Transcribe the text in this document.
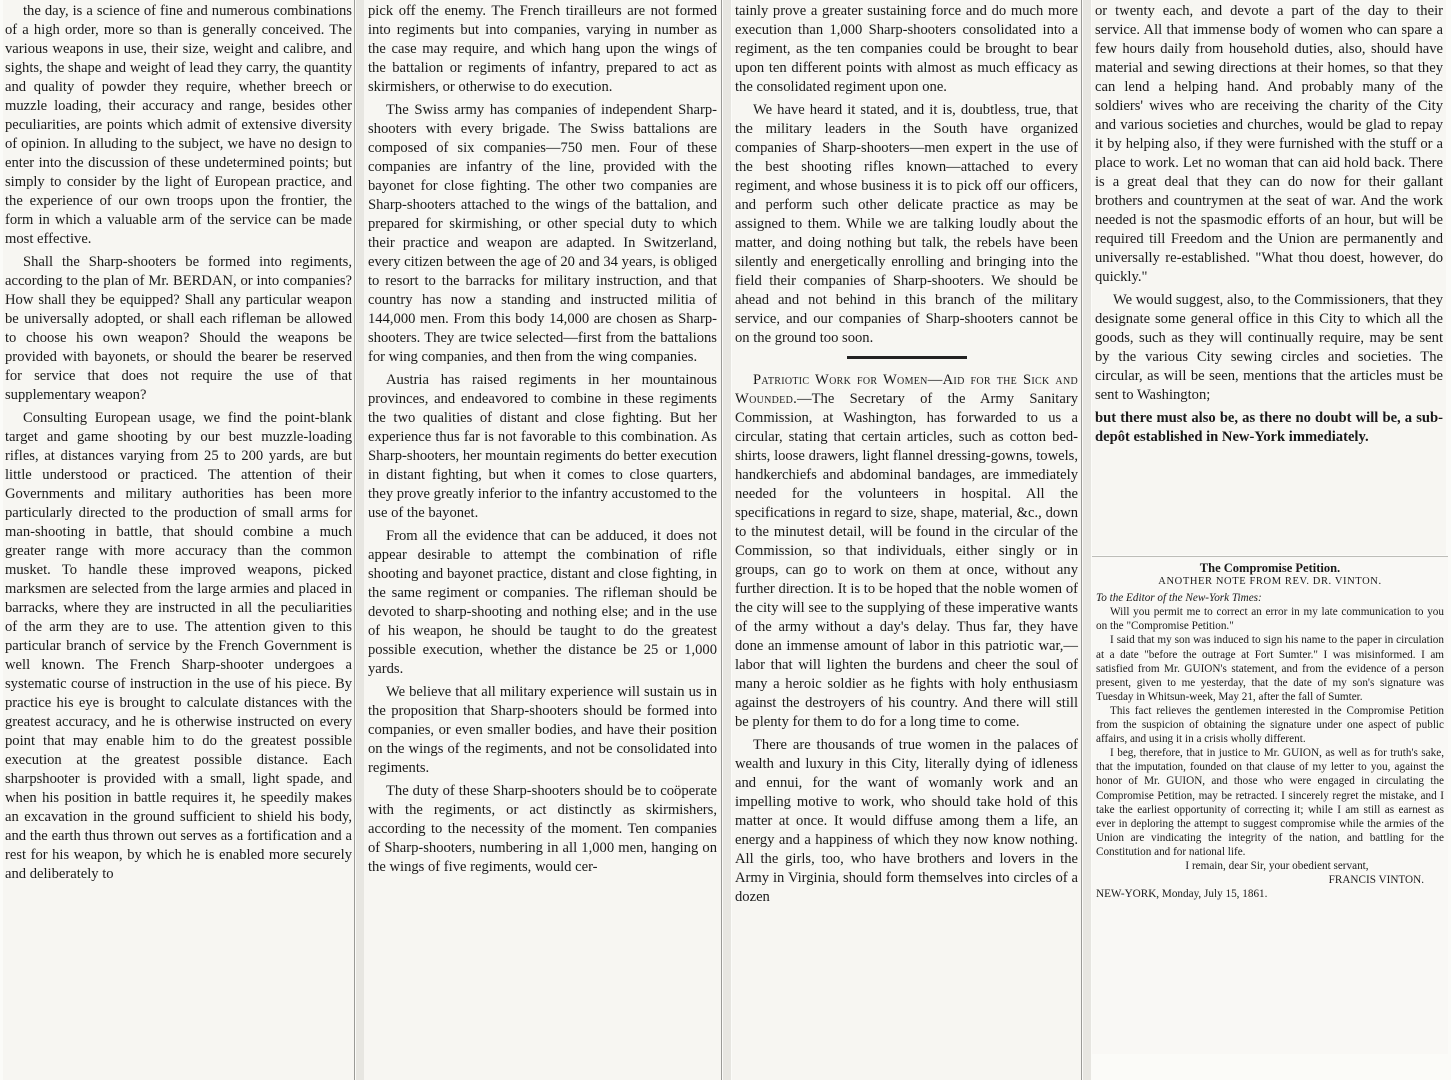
the day, is a science of fine and numerous combinations of a high order, more so than is generally conceived. The various weapons in use, their size, weight and calibre, and sights, the shape and weight of lead they carry, the quantity and quality of powder they require, whether breech or muzzle loading, their accuracy and range, besides other peculiarities, are points which admit of extensive diversity of opinion. In alluding to the subject, we have no design to enter into the discussion of these undetermined points; but simply to consider by the light of European practice, and the experience of our own troops upon the frontier, the form in which a valuable arm of the service can be made most effective.

Shall the Sharp-shooters be formed into regiments, according to the plan of Mr. BERDAN, or into companies? How shall they be equipped? Shall any particular weapon be universally adopted, or shall each rifleman be allowed to choose his own weapon? Should the weapons be provided with bayonets, or should the bearer be reserved for service that does not require the use of that supplementary weapon?

Consulting European usage, we find the point-blank target and game shooting by our best muzzle-loading rifles, at distances varying from 25 to 200 yards, are but little understood or practiced. The attention of their Governments and military authorities has been more particularly directed to the production of small arms for man-shooting in battle, that should combine a much greater range with more accuracy than the common musket. To handle these improved weapons, picked marksmen are selected from the large armies and placed in barracks, where they are instructed in all the peculiarities of the arm they are to use. The attention given to this particular branch of service by the French Government is well known. The French Sharp-shooter undergoes a systematic course of instruction in the use of his piece. By practice his eye is brought to calculate distances with the greatest accuracy, and he is otherwise instructed on every point that may enable him to do the greatest possible execution at the greatest possible distance. Each sharpshooter is provided with a small, light spade, and when his position in battle requires it, he speedily makes an excavation in the ground sufficient to shield his body, and the earth thus thrown out serves as a fortification and a rest for his weapon, by which he is enabled more securely and deliberately to

pick off the enemy. The French tirailleurs are not formed into regiments but into companies, varying in number as the case may require, and which hang upon the wings of the battalion or regiments of infantry, prepared to act as skirmishers, or otherwise to do execution.

The Swiss army has companies of independent Sharp-shooters with every brigade. The Swiss battalions are composed of six companies—750 men. Four of these companies are infantry of the line, provided with the bayonet for close fighting. The other two companies are Sharp-shooters attached to the wings of the battalion, and prepared for skirmishing, or other special duty to which their practice and weapon are adapted. In Switzerland, every citizen between the age of 20 and 34 years, is obliged to resort to the barracks for military instruction, and that country has now a standing and instructed militia of 144,000 men. From this body 14,000 are chosen as Sharp-shooters. They are twice selected—first from the battalions for wing companies, and then from the wing companies.

Austria has raised regiments in her mountainous provinces, and endeavored to combine in these regiments the two qualities of distant and close fighting. But her experience thus far is not favorable to this combination. As Sharp-shooters, her mountain regiments do better execution in distant fighting, but when it comes to close quarters, they prove greatly inferior to the infantry accustomed to the use of the bayonet.

From all the evidence that can be adduced, it does not appear desirable to attempt the combination of rifle shooting and bayonet practice, distant and close fighting, in the same regiment or companies. The rifleman should be devoted to sharp-shooting and nothing else; and in the use of his weapon, he should be taught to do the greatest possible execution, whether the distance be 25 or 1,000 yards.

We believe that all military experience will sustain us in the proposition that Sharp-shooters should be formed into companies, or even smaller bodies, and have their position on the wings of the regiments, and not be consolidated into regiments.

The duty of these Sharp-shooters should be to coöperate with the regiments, or act distinctly as skirmishers, according to the necessity of the moment. Ten companies of Sharp-shooters, numbering in all 1,000 men, hanging on the wings of five regiments, would cer-

tainly prove a greater sustaining force and do much more execution than 1,000 Sharp-shooters consolidated into a regiment, as the ten companies could be brought to bear upon ten different points with almost as much efficacy as the consolidated regiment upon one.

We have heard it stated, and it is, doubtless, true, that the military leaders in the South have organized companies of Sharp-shooters—men expert in the use of the best shooting rifles known—attached to every regiment, and whose business it is to pick off our officers, and perform such other delicate practice as may be assigned to them. While we are talking loudly about the matter, and doing nothing but talk, the rebels have been silently and energetically enrolling and bringing into the field their companies of Sharp-shooters. We should be ahead and not behind in this branch of the military service, and our companies of Sharp-shooters cannot be on the ground too soon.

Patriotic Work for Women—Aid for the Sick and Wounded.—The Secretary of the Army Sanitary Commission, at Washington, has forwarded to us a circular, stating that certain articles, such as cotton bed-shirts, loose drawers, light flannel dressing-gowns, towels, handkerchiefs and abdominal bandages, are immediately needed for the volunteers in hospital. All the specifications in regard to size, shape, material, &c., down to the minutest detail, will be found in the circular of the Commission, so that individuals, either singly or in groups, can go to work on them at once, without any further direction. It is to be hoped that the noble women of the city will see to the supplying of these imperative wants of the army without a day's delay. Thus far, they have done an immense amount of labor in this patriotic war,—labor that will lighten the burdens and cheer the soul of many a heroic soldier as he fights with holy enthusiasm against the destroyers of his country. And there will still be plenty for them to do for a long time to come.

There are thousands of true women in the palaces of wealth and luxury in this City, literally dying of idleness and ennui, for the want of womanly work and an impelling motive to work, who should take hold of this matter at once. It would diffuse among them a life, an energy and a happiness of which they now know nothing. All the girls, too, who have brothers and lovers in the Army in Virginia, should form themselves into circles of a dozen

or twenty each, and devote a part of the day to their service. All that immense body of women who can spare a few hours daily from household duties, also, should have material and sewing directions at their homes, so that they can lend a helping hand. And probably many of the soldiers' wives who are receiving the charity of the City and various societies and churches, would be glad to repay it by helping also, if they were furnished with the stuff or a place to work. Let no woman that can aid hold back. There is a great deal that they can do now for their gallant brothers and countrymen at the seat of war. And the work needed is not the spasmodic efforts of an hour, but will be required till Freedom and the Union are permanently and universally re-established. "What thou doest, however, do quickly."

We would suggest, also, to the Commissioners, that they designate some general office in this City to which all the goods, such as they will continually require, may be sent by the various City sewing circles and societies. The circular, as will be seen, mentions that the articles must be sent to Washington;

but there must also be, as there no doubt will be, a sub-depôt established in New-York immediately.

The Compromise Petition.

ANOTHER NOTE FROM REV. DR. VINTON.

To the Editor of the New-York Times:

Will you permit me to correct an error in my late communication to you on the "Compromise Petition."

I said that my son was induced to sign his name to the paper in circulation at a date "before the outrage at Fort Sumter." I was misinformed. I am satisfied from Mr. GUION's statement, and from the evidence of a person present, given to me yesterday, that the date of my son's signature was Tuesday in Whitsun-week, May 21, after the fall of Sumter.

This fact relieves the gentlemen interested in the Compromise Petition from the suspicion of obtaining the signature under one aspect of public affairs, and using it in a crisis wholly different.

I beg, therefore, that in justice to Mr. GUION, as well as for truth's sake, that the imputation, founded on that clause of my letter to you, against the honor of Mr. GUION, and those who were engaged in circulating the Compromise Petition, may be retracted. I sincerely regret the mistake, and I take the earliest opportunity of correcting it; while I am still as earnest as ever in deploring the attempt to suggest compromise while the armies of the Union are vindicating the integrity of the nation, and battling for the Constitution and for national life.

I remain, dear Sir, your obedient servant,

FRANCIS VINTON.

NEW-YORK, Monday, July 15, 1861.
